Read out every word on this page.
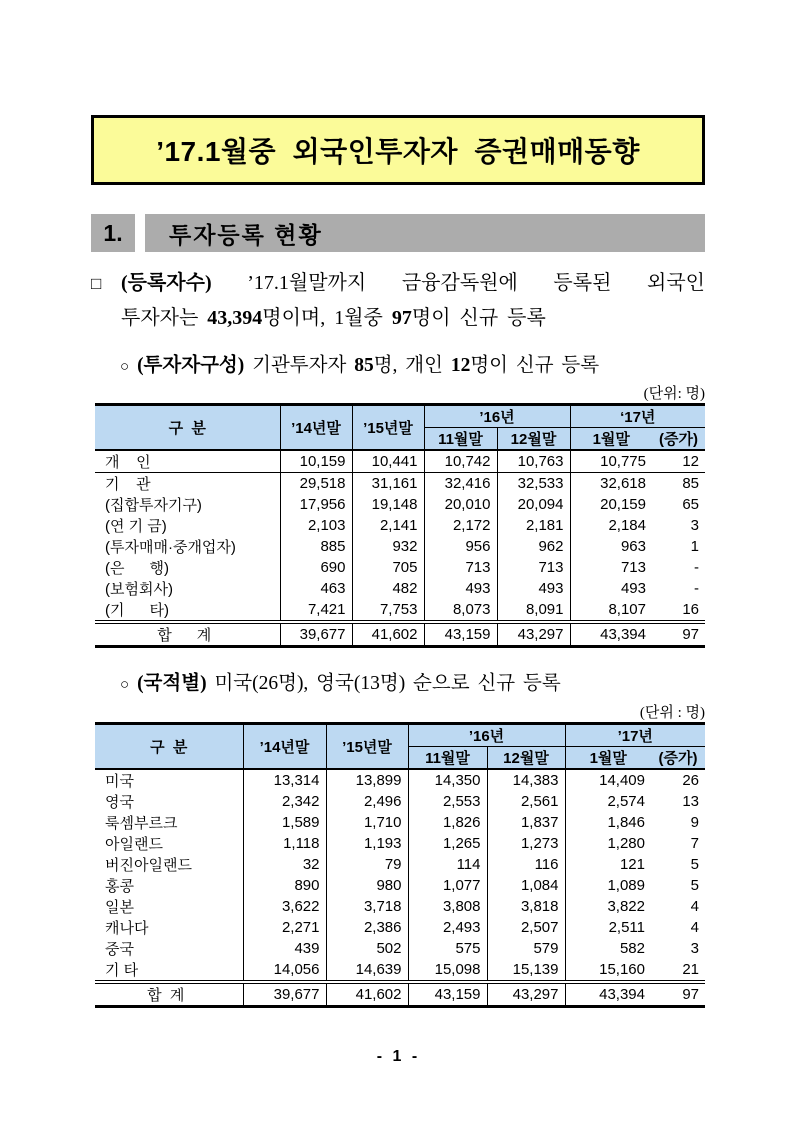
’17.1월중  외국인투자자  증권매매동향
1.	투자등록 현황
□ (등록자수) ’17.1월말까지 금융감독원에 등록된 외국인
투자자는 43,394명이며, 1월중 97명이 신규 등록
○ (투자자구성) 기관투자자 85명, 개인 12명이 신규 등록
(단위: 명)
구  분	’14년말	’15년말	’16년		‘17년	
			11월말	12월말	1월말	(증가)
개    인	10,159	10,441	10,742	10,763	10,775	12
기    관	29,518	31,161	32,416	32,533	32,618	85
(집합투자기구)	17,956	19,148	20,010	20,094	20,159	65
(연 기 금)	2,103	2,141	2,172	2,181	2,184	3
(투자매매·중개업자)	885	932	956	962	963	1
(은      행)	690	705	713	713	713	-
(보험회사)	463	482	493	493	493	-
(기      타)	7,421	7,753	8,073	8,091	8,107	16
합      계	39,677	41,602	43,159	43,297	43,394	97
○ (국적별) 미국(26명), 영국(13명) 순으로 신규 등록
(단위 : 명)
구  분	’14년말	’15년말	’16년		’17년	
			11월말	12월말	1월말	(증가)
미국	13,314	13,899	14,350	14,383	14,409	26
영국	2,342	2,496	2,553	2,561	2,574	13
룩셈부르크	1,589	1,710	1,826	1,837	1,846	9
아일랜드	1,118	1,193	1,265	1,273	1,280	7
버진아일랜드	32	79	114	116	121	5
홍콩	890	980	1,077	1,084	1,089	5
일본	3,622	3,718	3,808	3,818	3,822	4
캐나다	2,271	2,386	2,493	2,507	2,511	4
중국	439	502	575	579	582	3
기 타	14,056	14,639	15,098	15,139	15,160	21
합  계	39,677	41,602	43,159	43,297	43,394	97
- 1 -
